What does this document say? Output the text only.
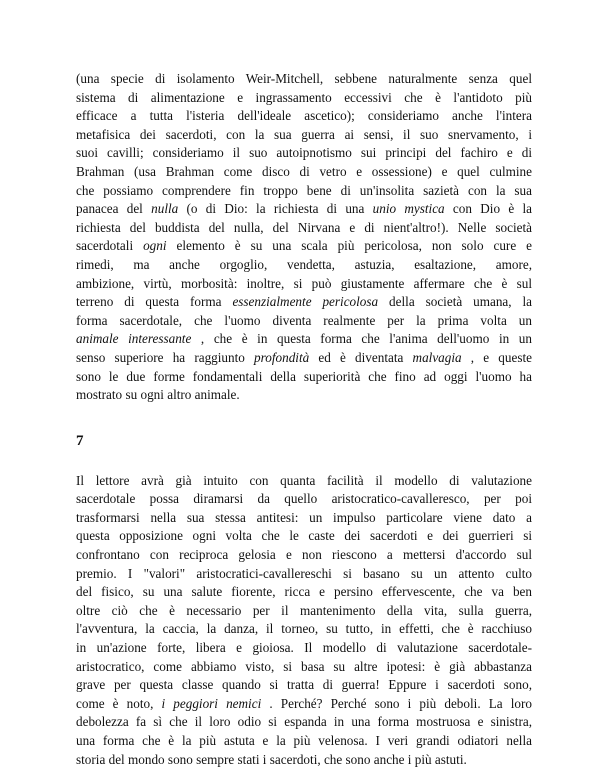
(una specie di isolamento Weir-Mitchell, sebbene naturalmente senza quel
sistema di alimentazione e ingrassamento eccessivi che è l'antidoto più
efficace a tutta l'isteria dell'ideale ascetico); consideriamo anche l'intera
metafisica dei sacerdoti, con la sua guerra ai sensi, il suo snervamento, i
suoi cavilli; consideriamo il suo autoipnotismo sui principi del fachiro e di
Brahman (usa Brahman come disco di vetro e ossessione) e quel culmine
che possiamo comprendere fin troppo bene di un'insolita sazietà con la sua
panacea del nulla (o di Dio: la richiesta di una unio mystica con Dio è la
richiesta del buddista del nulla, del Nirvana e di nient'altro!). Nelle società
sacerdotali ogni elemento è su una scala più pericolosa, non solo cure e
rimedi, ma anche orgoglio, vendetta, astuzia, esaltazione, amore,
ambizione, virtù, morbosità: inoltre, si può giustamente affermare che è sul
terreno di questa forma essenzialmente pericolosa della società umana, la
forma sacerdotale, che l'uomo diventa realmente per la prima volta un
animale interessante , che è in questa forma che l'anima dell'uomo in un
senso superiore ha raggiunto profondità ed è diventata malvagia , e queste
sono le due forme fondamentali della superiorità che fino ad oggi l'uomo ha
mostrato su ogni altro animale.

7

Il lettore avrà già intuito con quanta facilità il modello di valutazione
sacerdotale possa diramarsi da quello aristocratico-cavalleresco, per poi
trasformarsi nella sua stessa antitesi: un impulso particolare viene dato a
questa opposizione ogni volta che le caste dei sacerdoti e dei guerrieri si
confrontano con reciproca gelosia e non riescono a mettersi d'accordo sul
premio. I "valori" aristocratici-cavallereschi si basano su un attento culto
del fisico, su una salute fiorente, ricca e persino effervescente, che va ben
oltre ciò che è necessario per il mantenimento della vita, sulla guerra,
l'avventura, la caccia, la danza, il torneo, su tutto, in effetti, che è racchiuso
in un'azione forte, libera e gioiosa. Il modello di valutazione sacerdotale-
aristocratico, come abbiamo visto, si basa su altre ipotesi: è già abbastanza
grave per questa classe quando si tratta di guerra! Eppure i sacerdoti sono,
come è noto, i peggiori nemici . Perché? Perché sono i più deboli. La loro
debolezza fa sì che il loro odio si espanda in una forma mostruosa e sinistra,
una forma che è la più astuta e la più velenosa. I veri grandi odiatori nella
storia del mondo sono sempre stati i sacerdoti, che sono anche i più astuti.
